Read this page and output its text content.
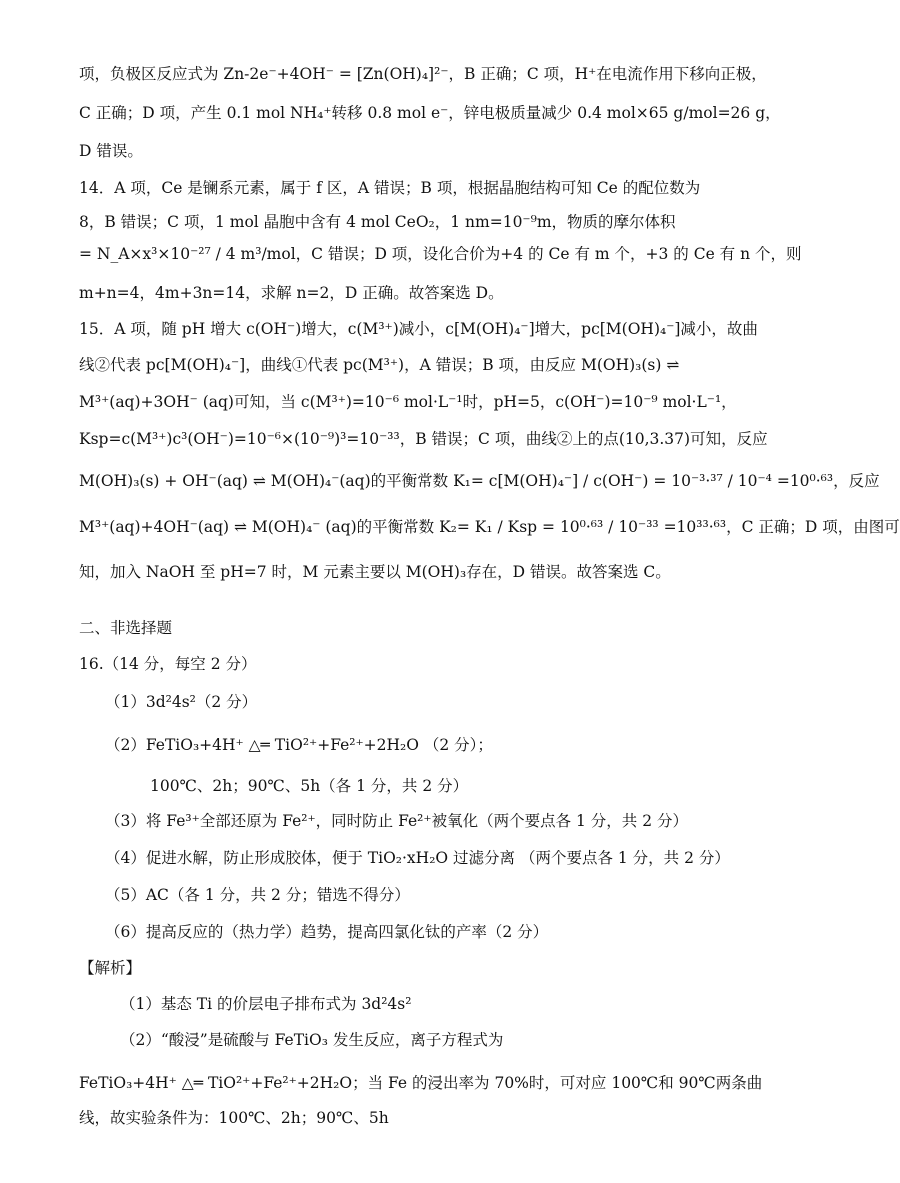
项，负极区反应式为 Zn-2e⁻+4OH⁻ = [Zn(OH)₄]²⁻，B 正确；C 项，H⁺在电流作用下移向正极，
C 正确；D 项，产生 0.1 mol NH₄⁺转移 0.8 mol e⁻，锌电极质量减少 0.4 mol×65 g/mol=26 g，
D 错误。
14．A 项，Ce 是镧系元素，属于 f 区，A 错误；B 项，根据晶胞结构可知 Ce 的配位数为
8，B 错误；C 项，1 mol 晶胞中含有 4 mol CeO₂，1 nm=10⁻⁹m，物质的摩尔体积
= N_A×x³×10⁻²⁷ / 4 m³/mol，C 错误；D 项，设化合价为+4 的 Ce 有 m 个，+3 的 Ce 有 n 个，则
m+n=4，4m+3n=14，求解 n=2，D 正确。故答案选 D。
15．A 项，随 pH 增大 c(OH⁻)增大，c(M³⁺)减小，c[M(OH)₄⁻]增大，pc[M(OH)₄⁻]减小，故曲
线②代表 pc[M(OH)₄⁻]，曲线①代表 pc(M³⁺)，A 错误；B 项，由反应 M(OH)₃(s) ⇌
M³⁺(aq)+3OH⁻ (aq)可知，当 c(M³⁺)=10⁻⁶ mol·L⁻¹时，pH=5，c(OH⁻)=10⁻⁹ mol·L⁻¹，
Ksp=c(M³⁺)c³(OH⁻)=10⁻⁶×(10⁻⁹)³=10⁻³³，B 错误；C 项，曲线②上的点(10,3.37)可知，反应
M(OH)₃(s) + OH⁻(aq) ⇌ M(OH)₄⁻(aq)的平衡常数 K₁= c[M(OH)₄⁻] / c(OH⁻) = 10⁻³·³⁷ / 10⁻⁴ =10⁰·⁶³，反应
M³⁺(aq)+4OH⁻(aq) ⇌ M(OH)₄⁻ (aq)的平衡常数 K₂= K₁ / Ksp = 10⁰·⁶³ / 10⁻³³ =10³³·⁶³，C 正确；D 项，由图可
知，加入 NaOH 至 pH=7 时，M 元素主要以 M(OH)₃存在，D 错误。故答案选 C。
二、非选择题
16.（14 分，每空 2 分）
（1）3d²4s²（2 分）
（2）FeTiO₃+4H⁺ △═ TiO²⁺+Fe²⁺+2H₂O （2 分）；
100℃、2h；90℃、5h（各 1 分，共 2 分）
（3）将 Fe³⁺全部还原为 Fe²⁺，同时防止 Fe²⁺被氧化（两个要点各 1 分，共 2 分）
（4）促进水解，防止形成胶体，便于 TiO₂·xH₂O 过滤分离 （两个要点各 1 分，共 2 分）
（5）AC（各 1 分，共 2 分；错选不得分）
（6）提高反应的（热力学）趋势，提高四氯化钛的产率（2 分）
【解析】
（1）基态 Ti 的价层电子排布式为 3d²4s²
（2）“酸浸”是硫酸与 FeTiO₃ 发生反应，离子方程式为
FeTiO₃+4H⁺ △═ TiO²⁺+Fe²⁺+2H₂O；当 Fe 的浸出率为 70%时，可对应 100℃和 90℃两条曲
线，故实验条件为：100℃、2h；90℃、5h
